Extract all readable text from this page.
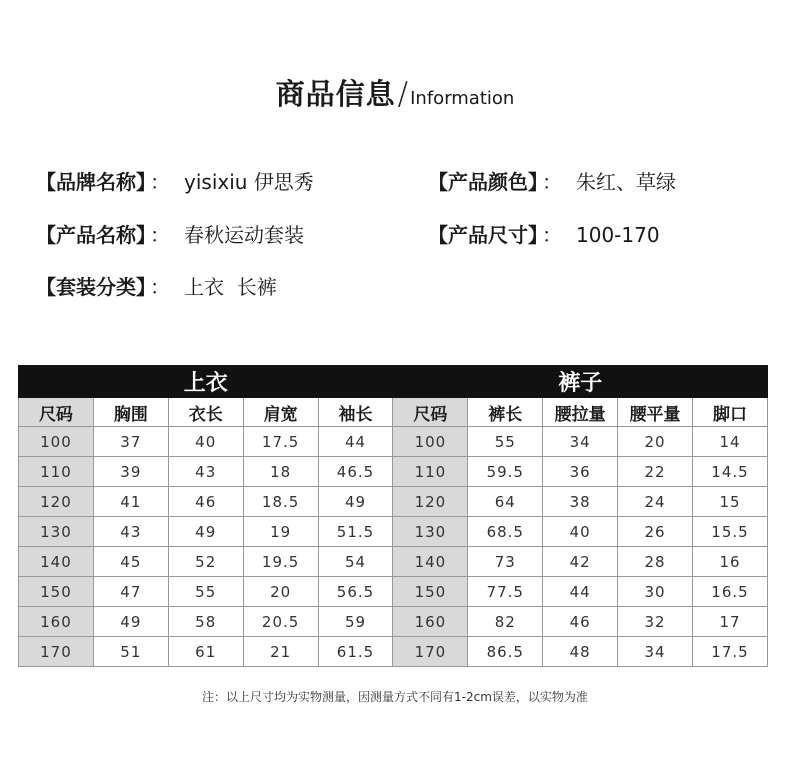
商品信息/ Information
【品牌名称】 ： yisixiu 伊思秀	【产品颜色】 ： 朱红、草绿
【产品名称】 ： 春秋运动套装	【产品尺寸】 ： 100-170
【套装分类】 ： 上衣  长裤
上衣					裤子				
尺码	胸围	衣长	肩宽	袖长	尺码	裤长	腰拉量	腰平量	脚口
100	37	40	17.5	44	100	55	34	20	14
110	39	43	18	46.5	110	59.5	36	22	14.5
120	41	46	18.5	49	120	64	38	24	15
130	43	49	19	51.5	130	68.5	40	26	15.5
140	45	52	19.5	54	140	73	42	28	16
150	47	55	20	56.5	150	77.5	44	30	16.5
160	49	58	20.5	59	160	82	46	32	17
170	51	61	21	61.5	170	86.5	48	34	17.5
注：以上尺寸均为实物测量，因测量方式不同有1-2cm误差，以实物为准
